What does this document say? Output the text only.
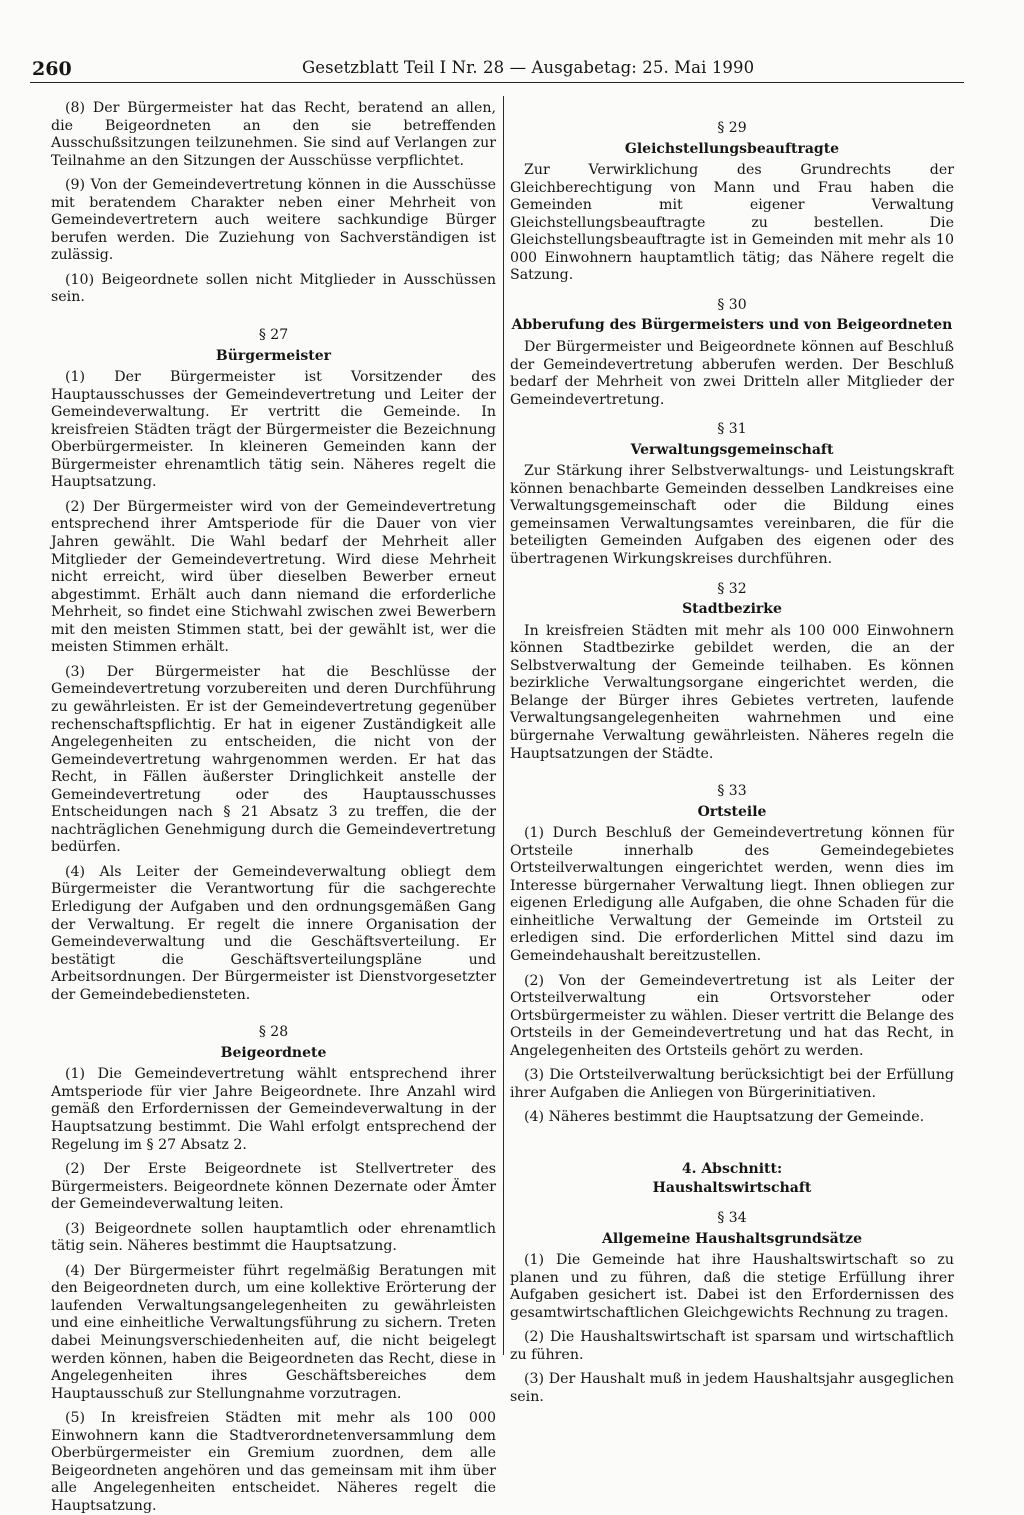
260	Gesetzblatt Teil I Nr. 28 — Ausgabetag: 25. Mai 1990

(8) Der Bürgermeister hat das Recht, beratend an allen, die Beigeordneten an den sie betreffenden Ausschußsitzungen teilzunehmen. Sie sind auf Verlangen zur Teilnahme an den Sitzungen der Ausschüsse verpflichtet.

(9) Von der Gemeindevertretung können in die Ausschüsse mit beratendem Charakter neben einer Mehrheit von Gemeindevertretern auch weitere sachkundige Bürger berufen werden. Die Zuziehung von Sachverständigen ist zulässig.

(10) Beigeordnete sollen nicht Mitglieder in Ausschüssen sein.

§ 27
Bürgermeister

(1) Der Bürgermeister ist Vorsitzender des Hauptausschusses der Gemeindevertretung und Leiter der Gemeindeverwaltung. Er vertritt die Gemeinde. In kreisfreien Städten trägt der Bürgermeister die Bezeichnung Oberbürgermeister. In kleineren Gemeinden kann der Bürgermeister ehrenamtlich tätig sein. Näheres regelt die Hauptsatzung.

(2) Der Bürgermeister wird von der Gemeindevertretung entsprechend ihrer Amtsperiode für die Dauer von vier Jahren gewählt. Die Wahl bedarf der Mehrheit aller Mitglieder der Gemeindevertretung. Wird diese Mehrheit nicht erreicht, wird über dieselben Bewerber erneut abgestimmt. Erhält auch dann niemand die erforderliche Mehrheit, so findet eine Stichwahl zwischen zwei Bewerbern mit den meisten Stimmen statt, bei der gewählt ist, wer die meisten Stimmen erhält.

(3) Der Bürgermeister hat die Beschlüsse der Gemeindevertretung vorzubereiten und deren Durchführung zu gewährleisten. Er ist der Gemeindevertretung gegenüber rechenschaftspflichtig. Er hat in eigener Zuständigkeit alle Angelegenheiten zu entscheiden, die nicht von der Gemeindevertretung wahrgenommen werden. Er hat das Recht, in Fällen äußerster Dringlichkeit anstelle der Gemeindevertretung oder des Hauptausschusses Entscheidungen nach § 21 Absatz 3 zu treffen, die der nachträglichen Genehmigung durch die Gemeindevertretung bedürfen.

(4) Als Leiter der Gemeindeverwaltung obliegt dem Bürgermeister die Verantwortung für die sachgerechte Erledigung der Aufgaben und den ordnungsgemäßen Gang der Verwaltung. Er regelt die innere Organisation der Gemeindeverwaltung und die Geschäftsverteilung. Er bestätigt die Geschäftsverteilungspläne und Arbeitsordnungen. Der Bürgermeister ist Dienstvorgesetzter der Gemeindebediensteten.

§ 28
Beigeordnete

(1) Die Gemeindevertretung wählt entsprechend ihrer Amtsperiode für vier Jahre Beigeordnete. Ihre Anzahl wird gemäß den Erfordernissen der Gemeindeverwaltung in der Hauptsatzung bestimmt. Die Wahl erfolgt entsprechend der Regelung im § 27 Absatz 2.

(2) Der Erste Beigeordnete ist Stellvertreter des Bürgermeisters. Beigeordnete können Dezernate oder Ämter der Gemeindeverwaltung leiten.

(3) Beigeordnete sollen hauptamtlich oder ehrenamtlich tätig sein. Näheres bestimmt die Hauptsatzung.

(4) Der Bürgermeister führt regelmäßig Beratungen mit den Beigeordneten durch, um eine kollektive Erörterung der laufenden Verwaltungsangelegenheiten zu gewährleisten und eine einheitliche Verwaltungsführung zu sichern. Treten dabei Meinungsverschiedenheiten auf, die nicht beigelegt werden können, haben die Beigeordneten das Recht, diese in Angelegenheiten ihres Geschäftsbereiches dem Hauptausschuß zur Stellungnahme vorzutragen.

(5) In kreisfreien Städten mit mehr als 100 000 Einwohnern kann die Stadtverordnetenversammlung dem Oberbürgermeister ein Gremium zuordnen, dem alle Beigeordneten angehören und das gemeinsam mit ihm über alle Angelegenheiten entscheidet. Näheres regelt die Hauptsatzung.

§ 29
Gleichstellungsbeauftragte

Zur Verwirklichung des Grundrechts der Gleichberechtigung von Mann und Frau haben die Gemeinden mit eigener Verwaltung Gleichstellungsbeauftragte zu bestellen. Die Gleichstellungsbeauftragte ist in Gemeinden mit mehr als 10 000 Einwohnern hauptamtlich tätig; das Nähere regelt die Satzung.

§ 30
Abberufung des Bürgermeisters und von Beigeordneten

Der Bürgermeister und Beigeordnete können auf Beschluß der Gemeindevertretung abberufen werden. Der Beschluß bedarf der Mehrheit von zwei Dritteln aller Mitglieder der Gemeindevertretung.

§ 31
Verwaltungsgemeinschaft

Zur Stärkung ihrer Selbstverwaltungs- und Leistungskraft können benachbarte Gemeinden desselben Landkreises eine Verwaltungsgemeinschaft oder die Bildung eines gemeinsamen Verwaltungsamtes vereinbaren, die für die beteiligten Gemeinden Aufgaben des eigenen oder des übertragenen Wirkungskreises durchführen.

§ 32
Stadtbezirke

In kreisfreien Städten mit mehr als 100 000 Einwohnern können Stadtbezirke gebildet werden, die an der Selbstverwaltung der Gemeinde teilhaben. Es können bezirkliche Verwaltungsorgane eingerichtet werden, die Belange der Bürger ihres Gebietes vertreten, laufende Verwaltungsangelegenheiten wahrnehmen und eine bürgernahe Verwaltung gewährleisten. Näheres regeln die Hauptsatzungen der Städte.

§ 33
Ortsteile

(1) Durch Beschluß der Gemeindevertretung können für Ortsteile innerhalb des Gemeindegebietes Ortsteilverwaltungen eingerichtet werden, wenn dies im Interesse bürgernaher Verwaltung liegt. Ihnen obliegen zur eigenen Erledigung alle Aufgaben, die ohne Schaden für die einheitliche Verwaltung der Gemeinde im Ortsteil zu erledigen sind. Die erforderlichen Mittel sind dazu im Gemeindehaushalt bereitzustellen.

(2) Von der Gemeindevertretung ist als Leiter der Ortsteilverwaltung ein Ortsvorsteher oder Ortsbürgermeister zu wählen. Dieser vertritt die Belange des Ortsteils in der Gemeindevertretung und hat das Recht, in Angelegenheiten des Ortsteils gehört zu werden.

(3) Die Ortsteilverwaltung berücksichtigt bei der Erfüllung ihrer Aufgaben die Anliegen von Bürgerinitiativen.

(4) Näheres bestimmt die Hauptsatzung der Gemeinde.

4. Abschnitt:
Haushaltswirtschaft
§ 34
Allgemeine Haushaltsgrundsätze

(1) Die Gemeinde hat ihre Haushaltswirtschaft so zu planen und zu führen, daß die stetige Erfüllung ihrer Aufgaben gesichert ist. Dabei ist den Erfordernissen des gesamtwirtschaftlichen Gleichgewichts Rechnung zu tragen.

(2) Die Haushaltswirtschaft ist sparsam und wirtschaftlich zu führen.

(3) Der Haushalt muß in jedem Haushaltsjahr ausgeglichen sein.
